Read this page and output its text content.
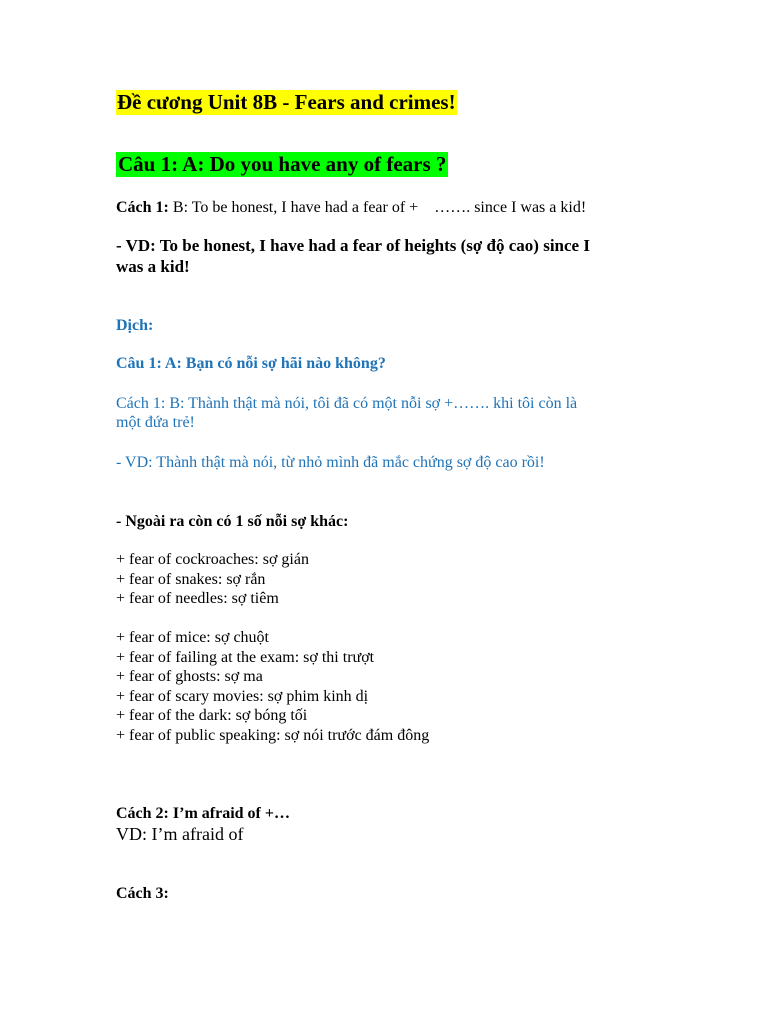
Đề cương Unit 8B - Fears and crimes!
Câu 1: A: Do you have any of fears ?
Cách 1: B: To be honest, I have had a fear of +    ……. since I was a kid!
- VD: To be honest, I have had a fear of heights (sợ độ cao) since I
was a kid!
Dịch:
Câu 1: A: Bạn có nỗi sợ hãi nào không?
Cách 1: B: Thành thật mà nói, tôi đã có một nỗi sợ +……. khi tôi còn là
một đứa trẻ!
- VD: Thành thật mà nói, từ nhỏ mình đã mắc chứng sợ độ cao rồi!
- Ngoài ra còn có 1 số nỗi sợ khác:
+ fear of cockroaches: sợ gián
+ fear of snakes: sợ rắn
+ fear of needles: sợ tiêm
+ fear of mice: sợ chuột
+ fear of failing at the exam: sợ thi trượt
+ fear of ghosts: sợ ma
+ fear of scary movies: sợ phim kinh dị
+ fear of the dark: sợ bóng tối
+ fear of public speaking: sợ nói trước đám đông
Cách 2: I’m afraid of +…
VD: I’m afraid of
Cách 3:
